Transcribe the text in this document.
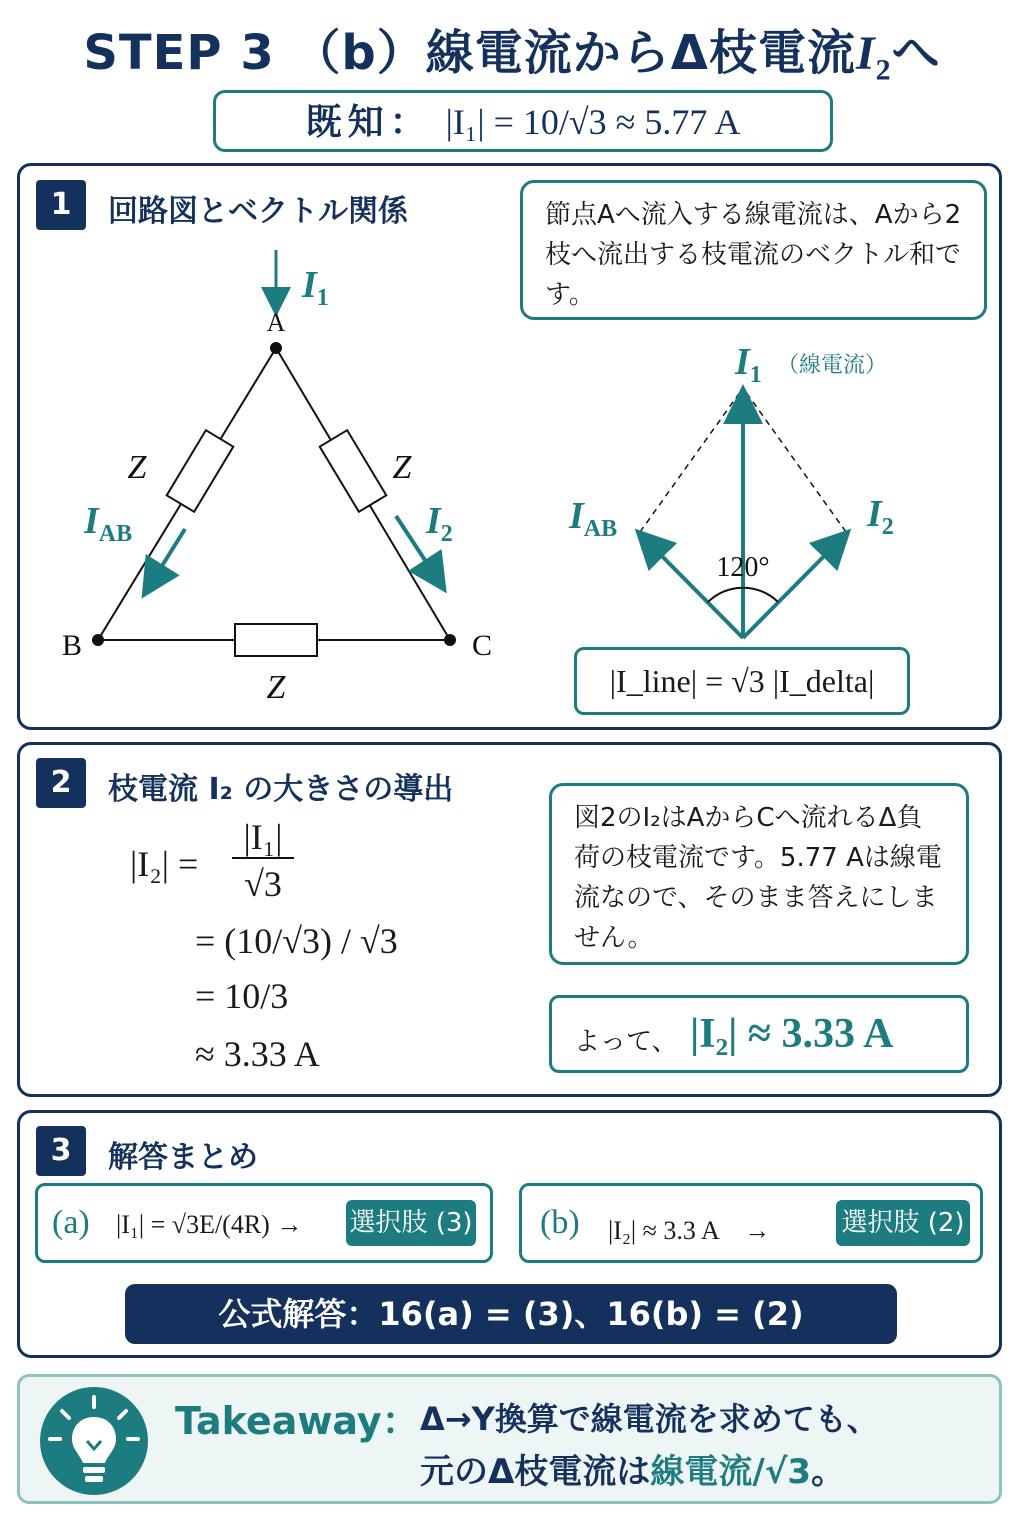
STEP 3 （b）線電流からΔ枝電流$I_2$へ
既知： |I₁| = 10/√3 ≈ 5.77 A
1	回路図とベクトル関係	節点Aへ流入する線電流は、Aから2枝へ流出する枝電流のベクトル和です。
A
B	C
Z	Z
Z
$I_1$
$I_{AB}$	$I_2$
120°
$I_1$ （線電流）
$I_{AB}$	$I_2$
|I_line| = √3 |I_delta|
2	枝電流 I₂ の大きさの導出
|I₂| =
|I₁|
√3
= (10/√3) / √3
= 10/3
≈ 3.33 A
図2のI₂はAからCへ流れるΔ負荷の枝電流です。5.77 Aは線電流なので、そのまま答えにしません。
よって、 |I₂| ≈ 3.33 A
3	解答まとめ
(a) |I₁| = √3E/(4R) → 選択肢 (3) (b) |I₂| ≈ 3.3 A　→	選択肢 (2)
公式解答：16(a) = (3)、16(b) = (2)
Takeaway： Δ→Y換算で線電流を求めても、
元のΔ枝電流は線電流/√3。
